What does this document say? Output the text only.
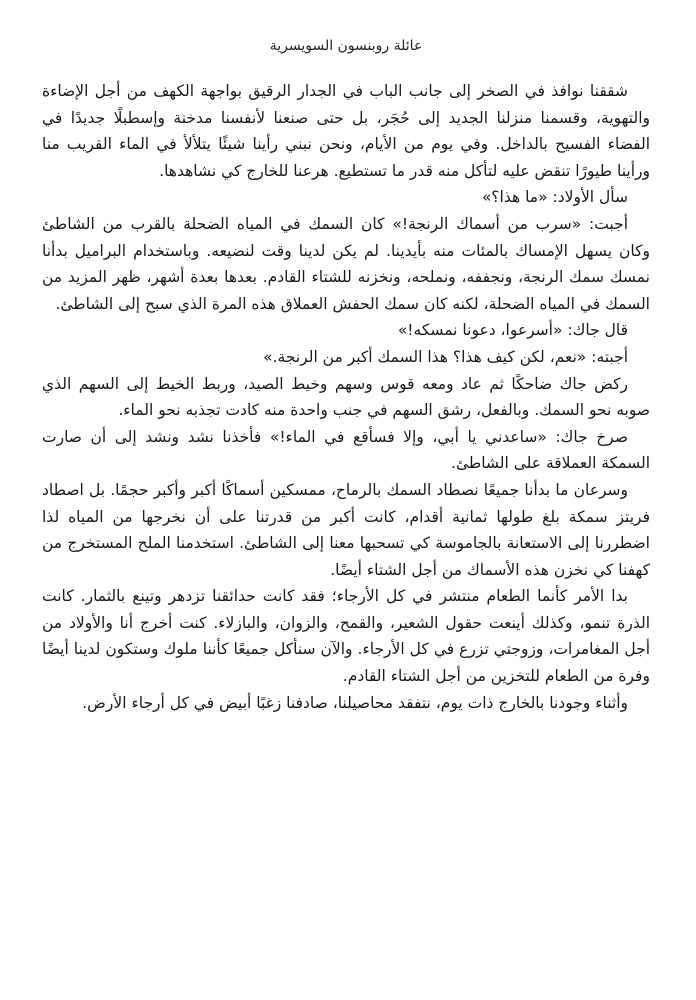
عائلة روبنسون السويسرية

شققنا نوافذ في الصخر إلى جانب الباب في الجدار الرقيق بواجهة الكهف من أجل الإضاءة والتهوية، وقسمنا منزلنا الجديد إلى حُجَر، بل حتى صنعنا لأنفسنا مدخنة وإسطبلًا جديدًا في الفضاء الفسيح بالداخل. وفي يوم من الأيام، ونحن نبني رأينا شيئًا يتلألأ في الماء القريب منا ورأينا طيورًا تنقض عليه لتأكل منه قدر ما تستطيع. هرعنا للخارج كي نشاهدها.

سأل الأولاد: «ما هذا؟»

أجبت: «سرب من أسماك الرنجة!» كان السمك في المياه الضحلة بالقرب من الشاطئ وكان يسهل الإمساك بالمئات منه بأيدينا. لم يكن لدينا وقت لنضيعه. وباستخدام البراميل بدأنا نمسك سمك الرنجة، ونجففه، ونملحه، ونخزنه للشتاء القادم. بعدها بعدة أشهر، ظهر المزيد من السمك في المياه الضحلة، لكنه كان سمك الحفش العملاق هذه المرة الذي سبح إلى الشاطئ.

قال جاك: «أسرعوا، دعونا نمسكه!»

أجبته: «نعم، لكن كيف هذا؟ هذا السمك أكبر من الرنجة.»

ركض جاك ضاحكًا ثم عاد ومعه قوس وسهم وخيط الصيد، وربط الخيط إلى السهم الذي صوبه نحو السمك. وبالفعل، رشق السهم في جنب واحدة منه كادت تجذبه نحو الماء.

صرخ جاك: «ساعدني يا أبي، وإلا فسأقع في الماء!» فأخذنا نشد ونشد إلى أن صارت السمكة العملاقة على الشاطئ.

وسرعان ما بدأنا جميعًا نصطاد السمك بالرماح، ممسكين أسماكًا أكبر وأكبر حجمًا. بل اصطاد فريتز سمكة بلغ طولها ثمانية أقدام، كانت أكبر من قدرتنا على أن نخرجها من المياه لذا اضطررنا إلى الاستعانة بالجاموسة كي تسحبها معنا إلى الشاطئ. استخدمنا الملح المستخرج من كهفنا كي نخزن هذه الأسماك من أجل الشتاء أيضًا.

بدا الأمر كأنما الطعام منتشر في كل الأرجاء؛ فقد كانت حدائقنا تزدهر وتينع بالثمار. كانت الذرة تنمو، وكذلك أينعت حقول الشعير، والقمح، والزوان، والبازلاء. كنت أخرج أنا والأولاد من أجل المغامرات، وزوجتي تزرع في كل الأرجاء. والآن سنأكل جميعًا كأننا ملوك وستكون لدينا أيضًا وفرة من الطعام للتخزين من أجل الشتاء القادم.

وأثناء وجودنا بالخارج ذات يوم، نتفقد محاصيلنا، صادفنا زغبًا أبيض في كل أرجاء الأرض.
